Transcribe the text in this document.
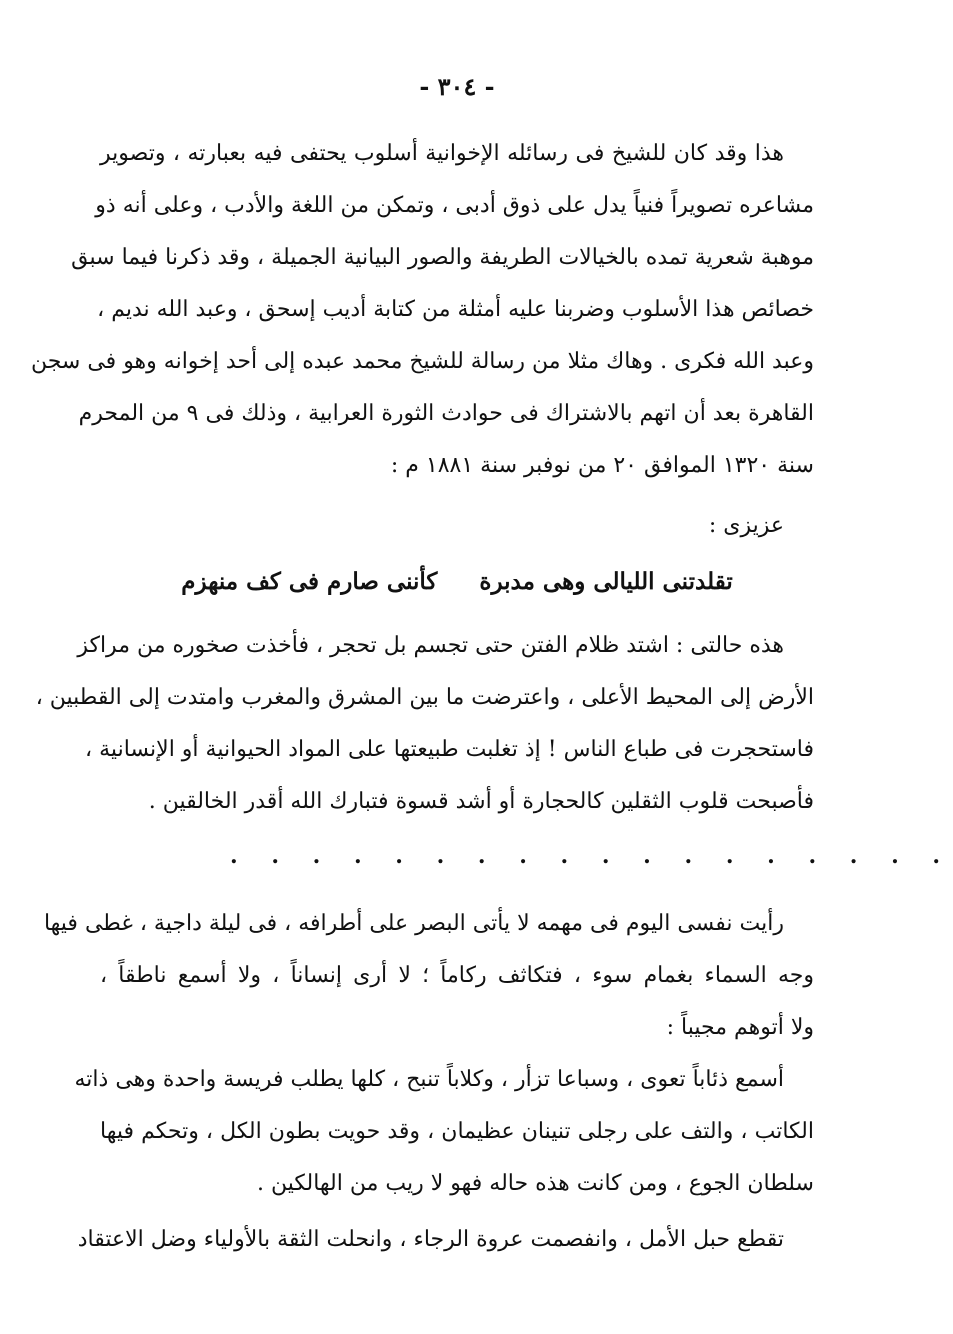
- ٣٠٤ -
هذا وقد كان للشيخ فى رسائله الإخوانية أسلوب يحتفى فيه بعبارته ، وتصوير
مشاعره تصويراً فنياً يدل على ذوق أدبى ، وتمكن من اللغة والأدب ، وعلى أنه ذو
موهبة شعرية تمده بالخيالات الطريفة والصور البيانية الجميلة ، وقد ذكرنا فيما سبق
خصائص هذا الأسلوب وضربنا عليه أمثلة من كتابة أديب إسحق ، وعبد الله نديم ،
وعبد الله فكرى . وهاك مثلا من رسالة للشيخ محمد عبده إلى أحد إخوانه وهو فى سجن
القاهرة بعد أن اتهم بالاشتراك فى حوادث الثورة العرابية ، وذلك فى ٩ من المحرم
سنة ١٣٢٠ الموافق ٢٠ من نوفبر سنة ١٨٨١ م :
عزيزى :
تقلدتنى الليالى وهى مدبرة
كأننى صارم فى كف منهزم
هذه حالتى : اشتد ظلام الفتن حتى تجسم بل تحجر ، فأخذت صخوره من مراكز
الأرض إلى المحيط الأعلى ، واعترضت ما بين المشرق والمغرب وامتدت إلى القطبين ،
فاستحجرت فى طباع الناس ! إذ تغلبت طبيعتها على المواد الحيوانية أو الإنسانية ،
فأصبحت قلوب الثقلين كالحجارة أو أشد قسوة فتبارك الله أقدر الخالقين .
. . . . . . . . . . . . . . . . . .
رأيت نفسى اليوم فى مهمه لا يأتى البصر على أطرافه ، فى ليلة داجية ، غطى فيها
وجه السماء بغمام سوء ، فتكاثف ركاماً ؛ لا أرى إنساناً ، ولا أسمع ناطقاً ،
ولا أتوهم مجيباً :
أسمع ذئاباً تعوى ، وسباعا تزأر ، وكلاباً تنبح ، كلها يطلب فريسة واحدة وهى ذاته
الكاتب ، والتف على رجلى تنينان عظيمان ، وقد حويت بطون الكل ، وتحكم فيها
سلطان الجوع ، ومن كانت هذه حاله فهو لا ريب من الهالكين .
تقطع حبل الأمل ، وانفصمت عروة الرجاء ، وانحلت الثقة بالأولياء وضل الاعتقاد
